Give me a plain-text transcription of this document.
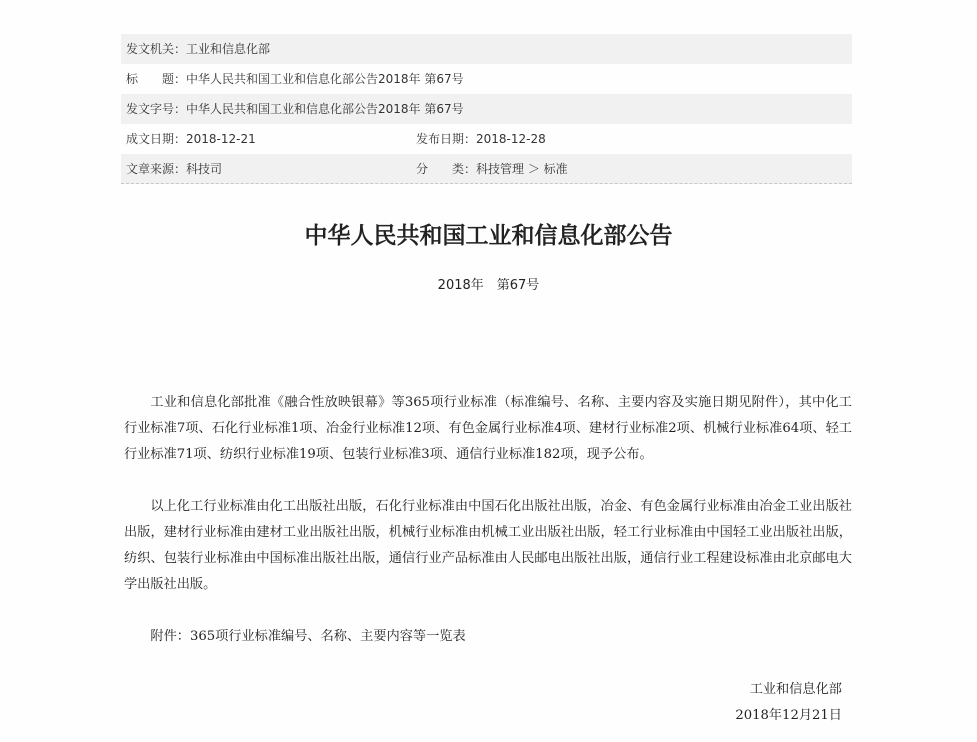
发文机关：工业和信息化部
标　　题：中华人民共和国工业和信息化部公告2018年 第67号
发文字号：中华人民共和国工业和信息化部公告2018年 第67号
成文日期：2018-12-21	发布日期：2018-12-28
文章来源：科技司	分　　类：科技管理 ＞ 标准
中华人民共和国工业和信息化部公告
2018年　第67号

工业和信息化部批准《融合性放映银幕》等365项行业标准（标准编号、名称、主要内容及实施日期见附件），其中化工行业标准7项、石化行业标准1项、冶金行业标准12项、有色金属行业标准4项、建材行业标准2项、机械行业标准64项、轻工行业标准71项、纺织行业标准19项、包装行业标准3项、通信行业标准182项，现予公布。

以上化工行业标准由化工出版社出版，石化行业标准由中国石化出版社出版，冶金、有色金属行业标准由冶金工业出版社出版，建材行业标准由建材工业出版社出版，机械行业标准由机械工业出版社出版，轻工行业标准由中国轻工业出版社出版，纺织、包装行业标准由中国标准出版社出版，通信行业产品标准由人民邮电出版社出版，通信行业工程建设标准由北京邮电大学出版社出版。

附件：365项行业标准编号、名称、主要内容等一览表

工业和信息化部
2018年12月21日
